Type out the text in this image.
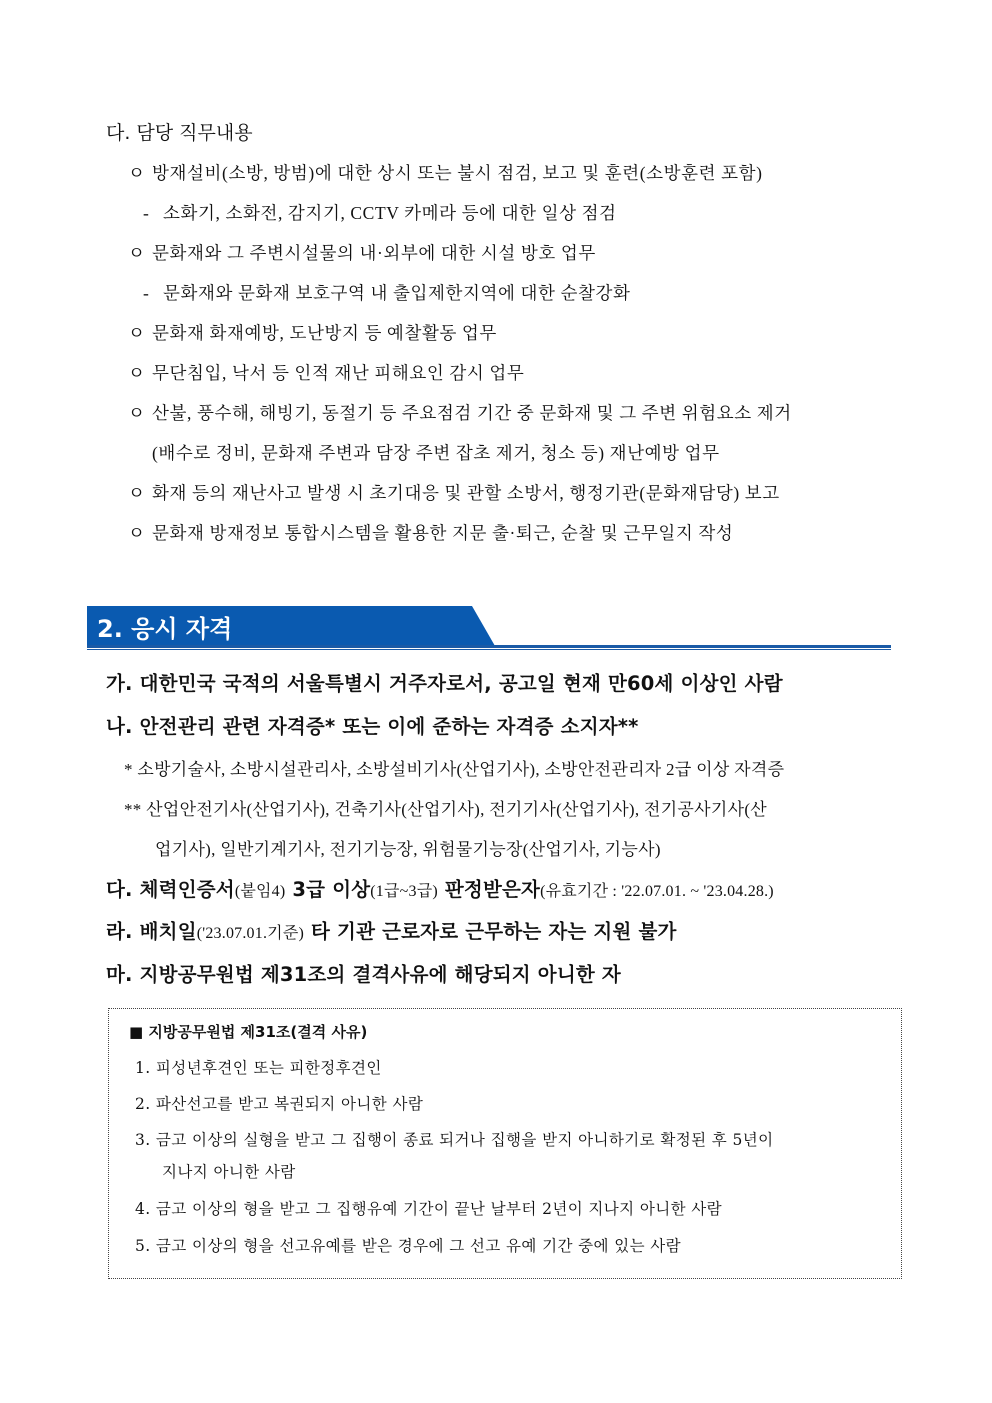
다. 담당 직무내용
ㅇ 방재설비(소방, 방범)에 대한 상시 또는 불시 점검, 보고 및 훈련(소방훈련 포함)
- 소화기, 소화전, 감지기, CCTV 카메라 등에 대한 일상 점검
ㅇ 문화재와 그 주변시설물의 내·외부에 대한 시설 방호 업무
- 문화재와 문화재 보호구역 내 출입제한지역에 대한 순찰강화
ㅇ 문화재 화재예방, 도난방지 등 예찰활동 업무
ㅇ 무단침입, 낙서 등 인적 재난 피해요인 감시 업무
ㅇ 산불, 풍수해, 해빙기, 동절기 등 주요점검 기간 중 문화재 및 그 주변 위험요소 제거
(배수로 정비, 문화재 주변과 담장 주변 잡초 제거, 청소 등) 재난예방 업무
ㅇ 화재 등의 재난사고 발생 시 초기대응 및 관할 소방서, 행정기관(문화재담당) 보고
ㅇ 문화재 방재정보 통합시스템을 활용한 지문 출·퇴근, 순찰 및 근무일지 작성
2. 응시 자격
가. 대한민국 국적의 서울특별시 거주자로서, 공고일 현재 만60세 이상인 사람
나. 안전관리 관련 자격증* 또는 이에 준하는 자격증 소지자**
* 소방기술사, 소방시설관리사, 소방설비기사(산업기사), 소방안전관리자 2급 이상 자격증
** 산업안전기사(산업기사), 건축기사(산업기사), 전기기사(산업기사), 전기공사기사(산
업기사), 일반기계기사, 전기기능장, 위험물기능장(산업기사, 기능사)
다. 체력인증서(붙임4) 3급 이상(1급~3급) 판정받은자(유효기간 : '22.07.01. ~ '23.04.28.)
라. 배치일('23.07.01.기준) 타 기관 근로자로 근무하는 자는 지원 불가
마. 지방공무원법 제31조의 결격사유에 해당되지 아니한 자
■ 지방공무원법 제31조(결격 사유)
1. 피성년후견인 또는 피한정후견인
2. 파산선고를 받고 복권되지 아니한 사람
3. 금고 이상의 실형을 받고 그 집행이 종료 되거나 집행을 받지 아니하기로 확정된 후 5년이
지나지 아니한 사람
4. 금고 이상의 형을 받고 그 집행유예 기간이 끝난 날부터 2년이 지나지 아니한 사람
5. 금고 이상의 형을 선고유예를 받은 경우에 그 선고 유예 기간 중에 있는 사람
